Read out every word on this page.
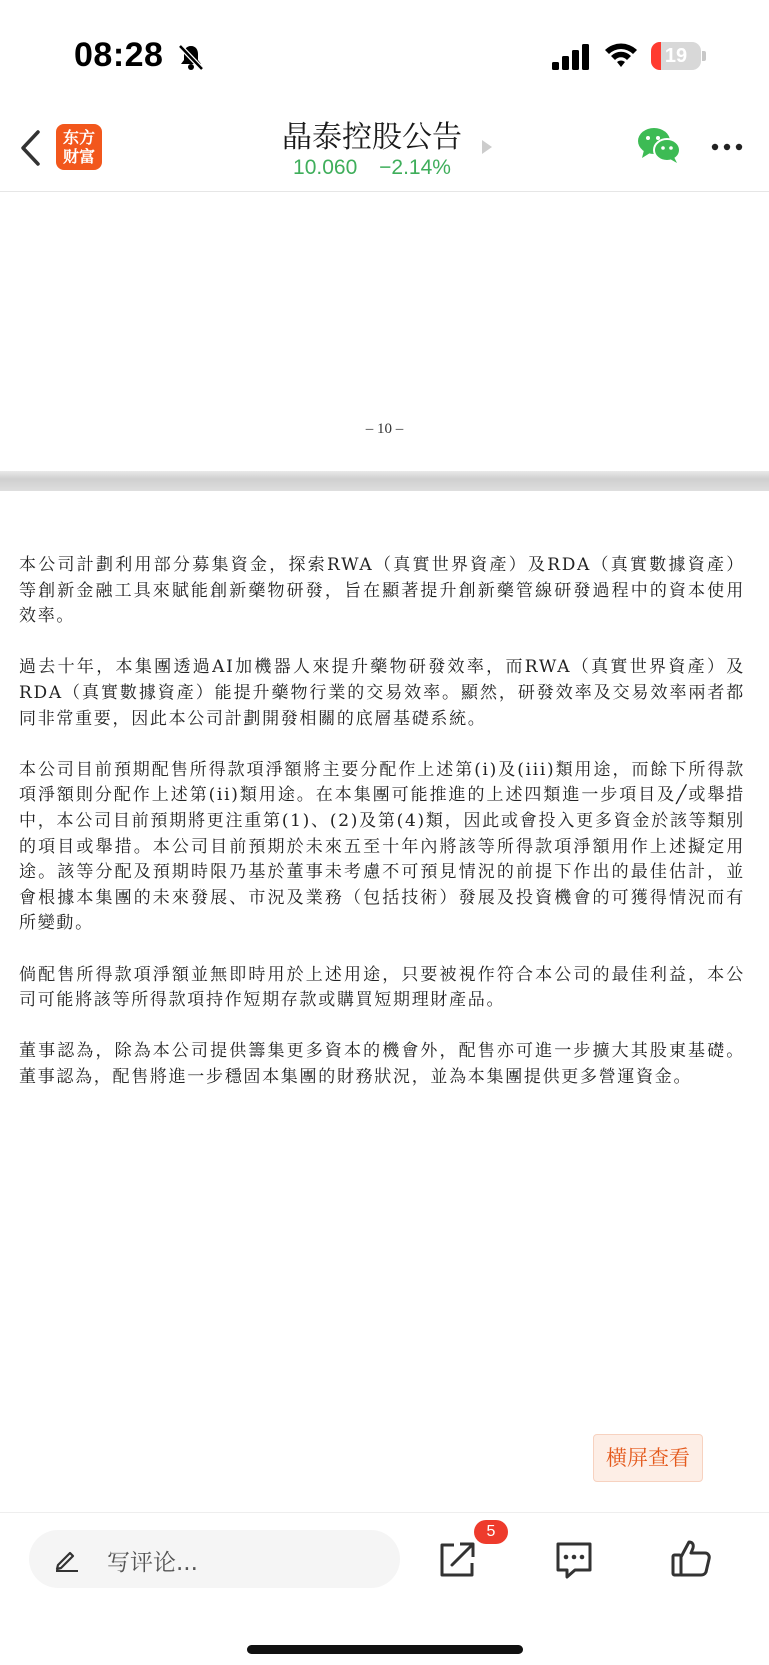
08:28	19
东方
财富
晶泰控股公告
10.060 −2.14%
– 10 –

本公司計劃利用部分募集資金，探索RWA（真實世界資產）及RDA（真實數據資產）等創新金融工具來賦能創新藥物研發，旨在顯著提升創新藥管線研發過程中的資本使用效率。

過去十年，本集團透過AI加機器人來提升藥物研發效率，而RWA（真實世界資產）及RDA（真實數據資產）能提升藥物行業的交易效率。顯然，研發效率及交易效率兩者都同非常重要，因此本公司計劃開發相關的底層基礎系統。

本公司目前預期配售所得款項淨額將主要分配作上述第(i)及(iii)類用途，而餘下所得款項淨額則分配作上述第(ii)類用途。在本集團可能推進的上述四類進一步項目及╱或舉措中，本公司目前預期將更注重第(1)、(2)及第(4)類，因此或會投入更多資金於該等類別的項目或舉措。本公司目前預期於未來五至十年內將該等所得款項淨額用作上述擬定用途。該等分配及預期時限乃基於董事未考慮不可預見情況的前提下作出的最佳估計，並會根據本集團的未來發展、市況及業務（包括技術）發展及投資機會的可獲得情況而有所變動。

倘配售所得款項淨額並無即時用於上述用途，只要被視作符合本公司的最佳利益，本公司可能將該等所得款項持作短期存款或購買短期理財產品。

董事認為，除為本公司提供籌集更多資本的機會外，配售亦可進一步擴大其股東基礎。董事認為，配售將進一步穩固本集團的財務狀況，並為本集團提供更多營運資金。

横屏查看
写评论...
5
